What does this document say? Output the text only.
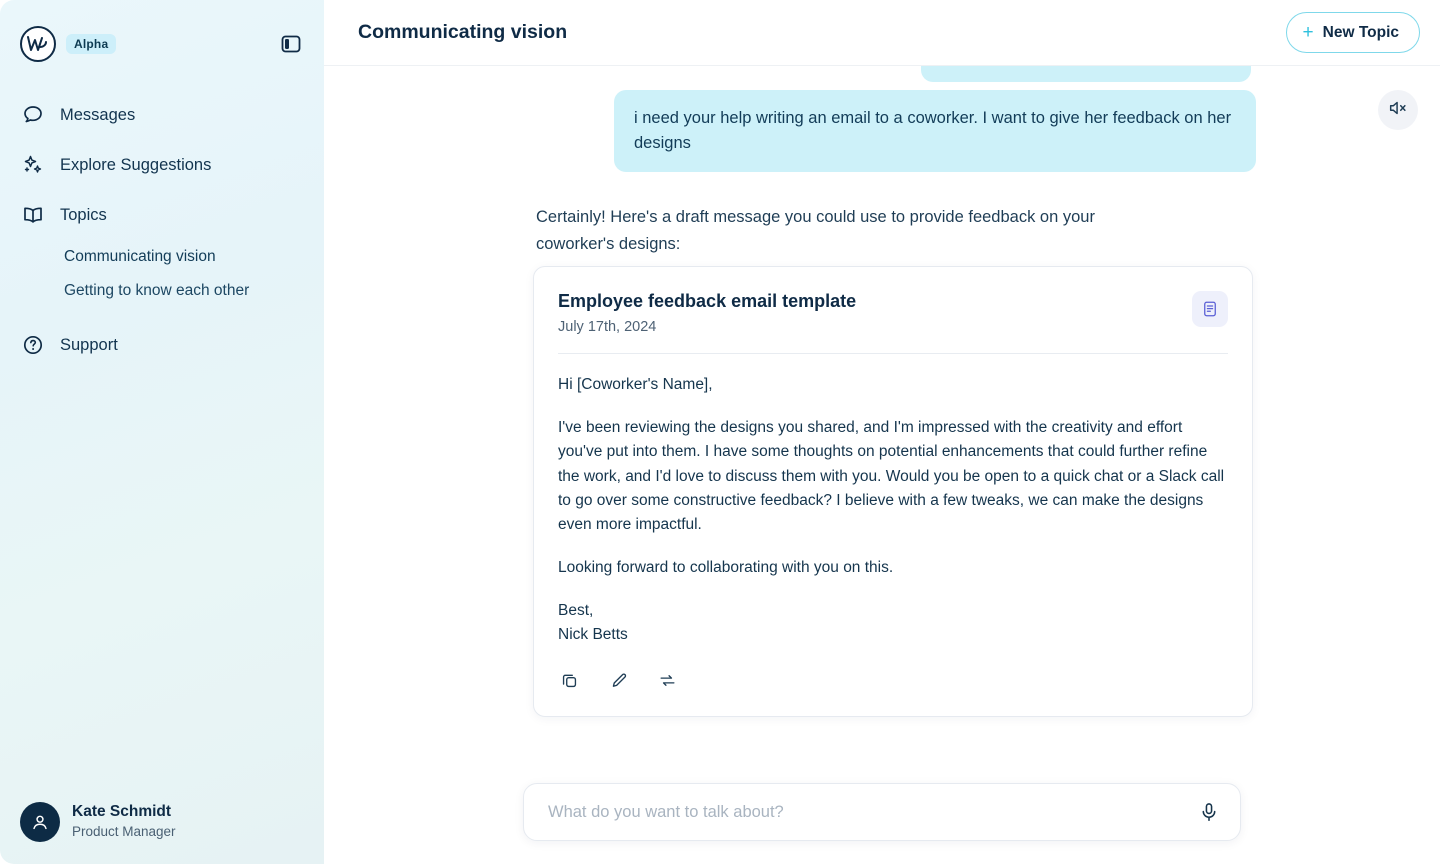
Alpha
Messages
Explore Suggestions
Topics
Communicating vision
Getting to know each other
Support
Kate Schmidt
Product Manager
Communicating vision	+ New Topic
i need your help writing an email to a coworker. I want to give her feedback on her designs
Certainly! Here's a draft message you could use to provide feedback on your coworker's designs:
Employee feedback email template
July 17th, 2024

Hi [Coworker's Name],

I've been reviewing the designs you shared, and I'm impressed with the creativity and effort you've put into them. I have some thoughts on potential enhancements that could further refine the work, and I'd love to discuss them with you. Would you be open to a quick chat or a Slack call to go over some constructive feedback? I believe with a few tweaks, we can make the designs even more impactful.

Looking forward to collaborating with you on this.

Best,

Nick Betts

What do you want to talk about?
